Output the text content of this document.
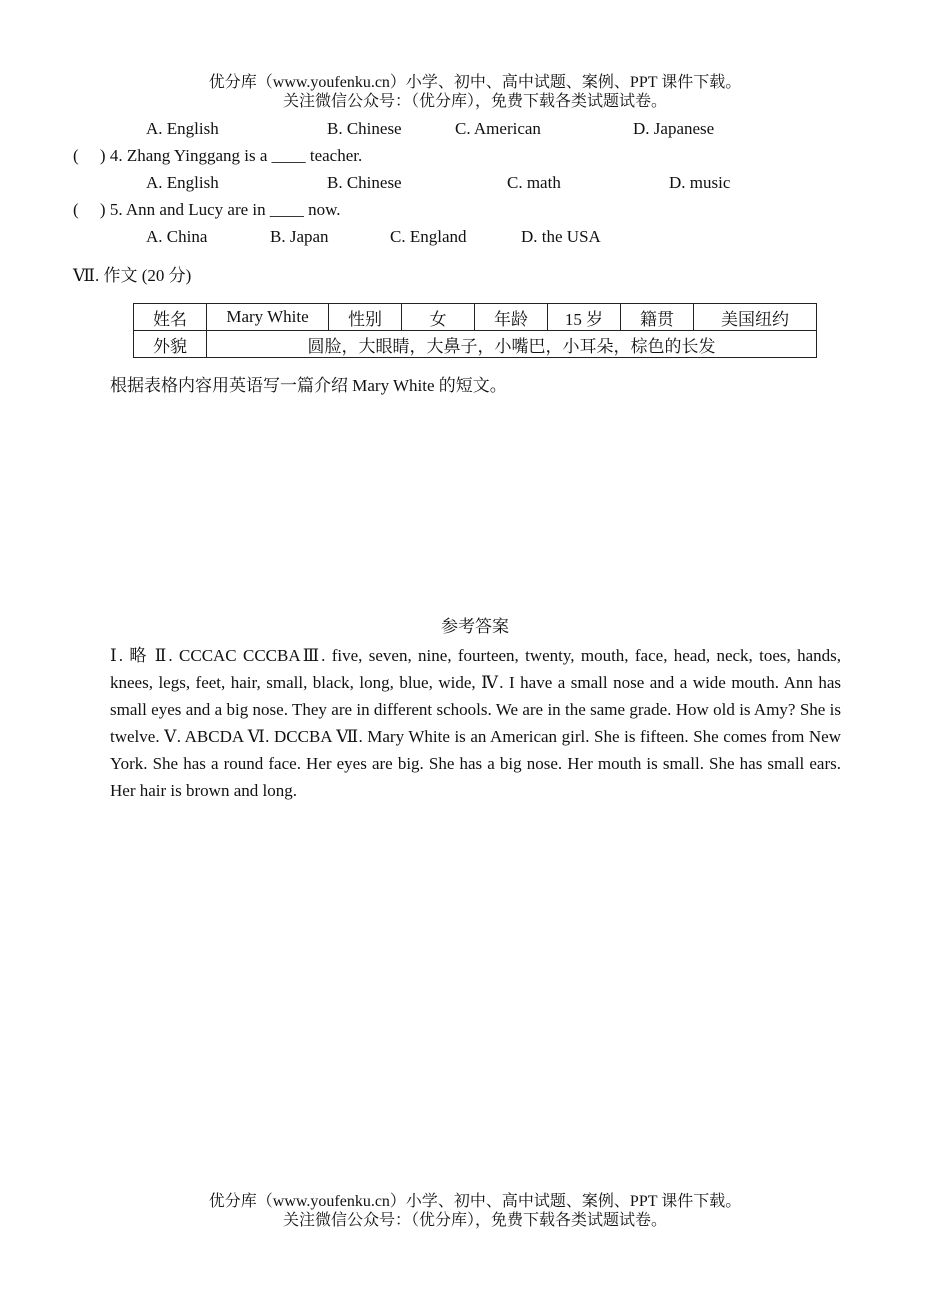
优分库（www.youfenku.cn）小学、初中、高中试题、案例、PPT 课件下载。
关注微信公众号：（优分库），免费下载各类试题试卷。
A. English	B. Chinese	C. American	D. Japanese
(     ) 4. Zhang Yinggang is a ____ teacher.
A. English	B. Chinese	C. math	D. music
(     ) 5. Ann and Lucy are in ____ now.
A. China	B. Japan	C. England	D. the USA
Ⅶ. 作文 (20 分)
姓名	Mary White	性别	女	年龄	15 岁	籍贯	美国纽约
外貌	圆脸，大眼睛，大鼻子，小嘴巴，小耳朵，棕色的长发						
根据表格内容用英语写一篇介绍 Mary White 的短文。
参考答案
Ⅰ. 略 Ⅱ. CCCAC CCCBAⅢ. five, seven, nine, fourteen, twenty, mouth, face, head, neck, toes, hands, knees, legs, feet, hair, small, black, long, blue, wide, Ⅳ. I have a small nose and a wide mouth. Ann has small eyes and a big nose. They are in different schools. We are in the same grade. How old is Amy? She is twelve. Ⅴ. ABCDA Ⅵ. DCCBA Ⅶ. Mary White is an American girl. She is fifteen. She comes from New York. She has a round face. Her eyes are big. She has a big nose. Her mouth is small. She has small ears. Her hair is brown and long.
优分库（www.youfenku.cn）小学、初中、高中试题、案例、PPT 课件下载。
关注微信公众号：（优分库），免费下载各类试题试卷。
